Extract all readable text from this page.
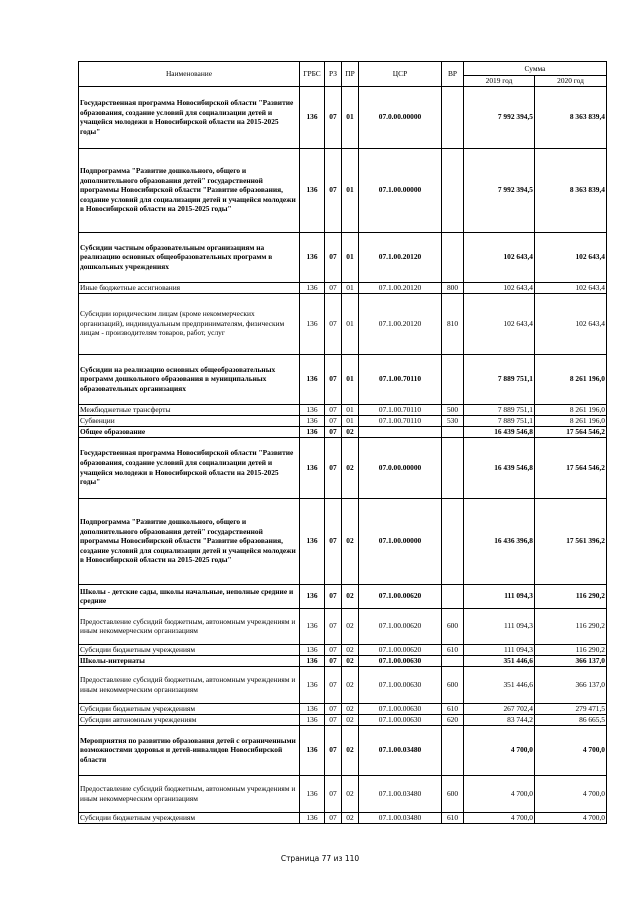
Наименование	ГРБС	РЗ	ПР	ЦСР	ВР	Сумма	
						2019 год	2020 год
Государственная программа Новосибирской области "Развитие образования, создание условий для социализации детей и учащейся молодежи в Новосибирской области на 2015-2025 годы"	136	07	01	07.0.00.00000		7 992 394,5	8 363 839,4
Подпрограмма "Развитие дошкольного, общего и дополнительного образования детей" государственной программы Новосибирской области "Развитие образования, создание условий для социализации детей и учащейся молодежи в Новосибирской области на 2015-2025 годы"	136	07	01	07.1.00.00000		7 992 394,5	8 363 839,4
Субсидии частным образовательным организациям на реализацию основных общеобразовательных программ в дошкольных учреждениях	136	07	01	07.1.00.20120		102 643,4	102 643,4
Иные бюджетные ассигнования	136	07	01	07.1.00.20120	800	102 643,4	102 643,4
Субсидии юридическим лицам (кроме некоммерческих организаций), индивидуальным предпринимателям, физическим лицам - производителям товаров, работ, услуг	136	07	01	07.1.00.20120	810	102 643,4	102 643,4
Субсидии на реализацию основных общеобразовательных программ дошкольного образования в муниципальных образовательных организациях	136	07	01	07.1.00.70110		7 889 751,1	8 261 196,0
Межбюджетные трансферты	136	07	01	07.1.00.70110	500	7 889 751,1	8 261 196,0
Субвенции	136	07	01	07.1.00.70110	530	7 889 751,1	8 261 196,0
Общее образование	136	07	02			16 439 546,8	17 564 546,2
Государственная программа Новосибирской области "Развитие образования, создание условий для социализации детей и учащейся молодежи в Новосибирской области на 2015-2025 годы"	136	07	02	07.0.00.00000		16 439 546,8	17 564 546,2
Подпрограмма "Развитие дошкольного, общего и дополнительного образования детей" государственной программы Новосибирской области "Развитие образования, создание условий для социализации детей и учащейся молодежи в Новосибирской области на 2015-2025 годы"	136	07	02	07.1.00.00000		16 436 396,8	17 561 396,2
Школы - детские сады, школы начальные, неполные средние и средние	136	07	02	07.1.00.00620		111 094,3	116 290,2
Предоставление субсидий бюджетным, автономным учреждениям и иным некоммерческим организациям	136	07	02	07.1.00.00620	600	111 094,3	116 290,2
Субсидии бюджетным учреждениям	136	07	02	07.1.00.00620	610	111 094,3	116 290,2
Школы-интернаты	136	07	02	07.1.00.00630		351 446,6	366 137,0
Предоставление субсидий бюджетным, автономным учреждениям и иным некоммерческим организациям	136	07	02	07.1.00.00630	600	351 446,6	366 137,0
Субсидии бюджетным учреждениям	136	07	02	07.1.00.00630	610	267 702,4	279 471,5
Субсидии автономным учреждениям	136	07	02	07.1.00.00630	620	83 744,2	86 665,5
Мероприятия по развитию образования детей с ограниченными возможностями здоровья и детей-инвалидов Новосибирской области	136	07	02	07.1.00.03480		4 700,0	4 700,0
Предоставление субсидий бюджетным, автономным учреждениям и иным некоммерческим организациям	136	07	02	07.1.00.03480	600	4 700,0	4 700,0
Субсидии бюджетным учреждениям	136	07	02	07.1.00.03480	610	4 700,0	4 700,0
Страница 77 из 110
